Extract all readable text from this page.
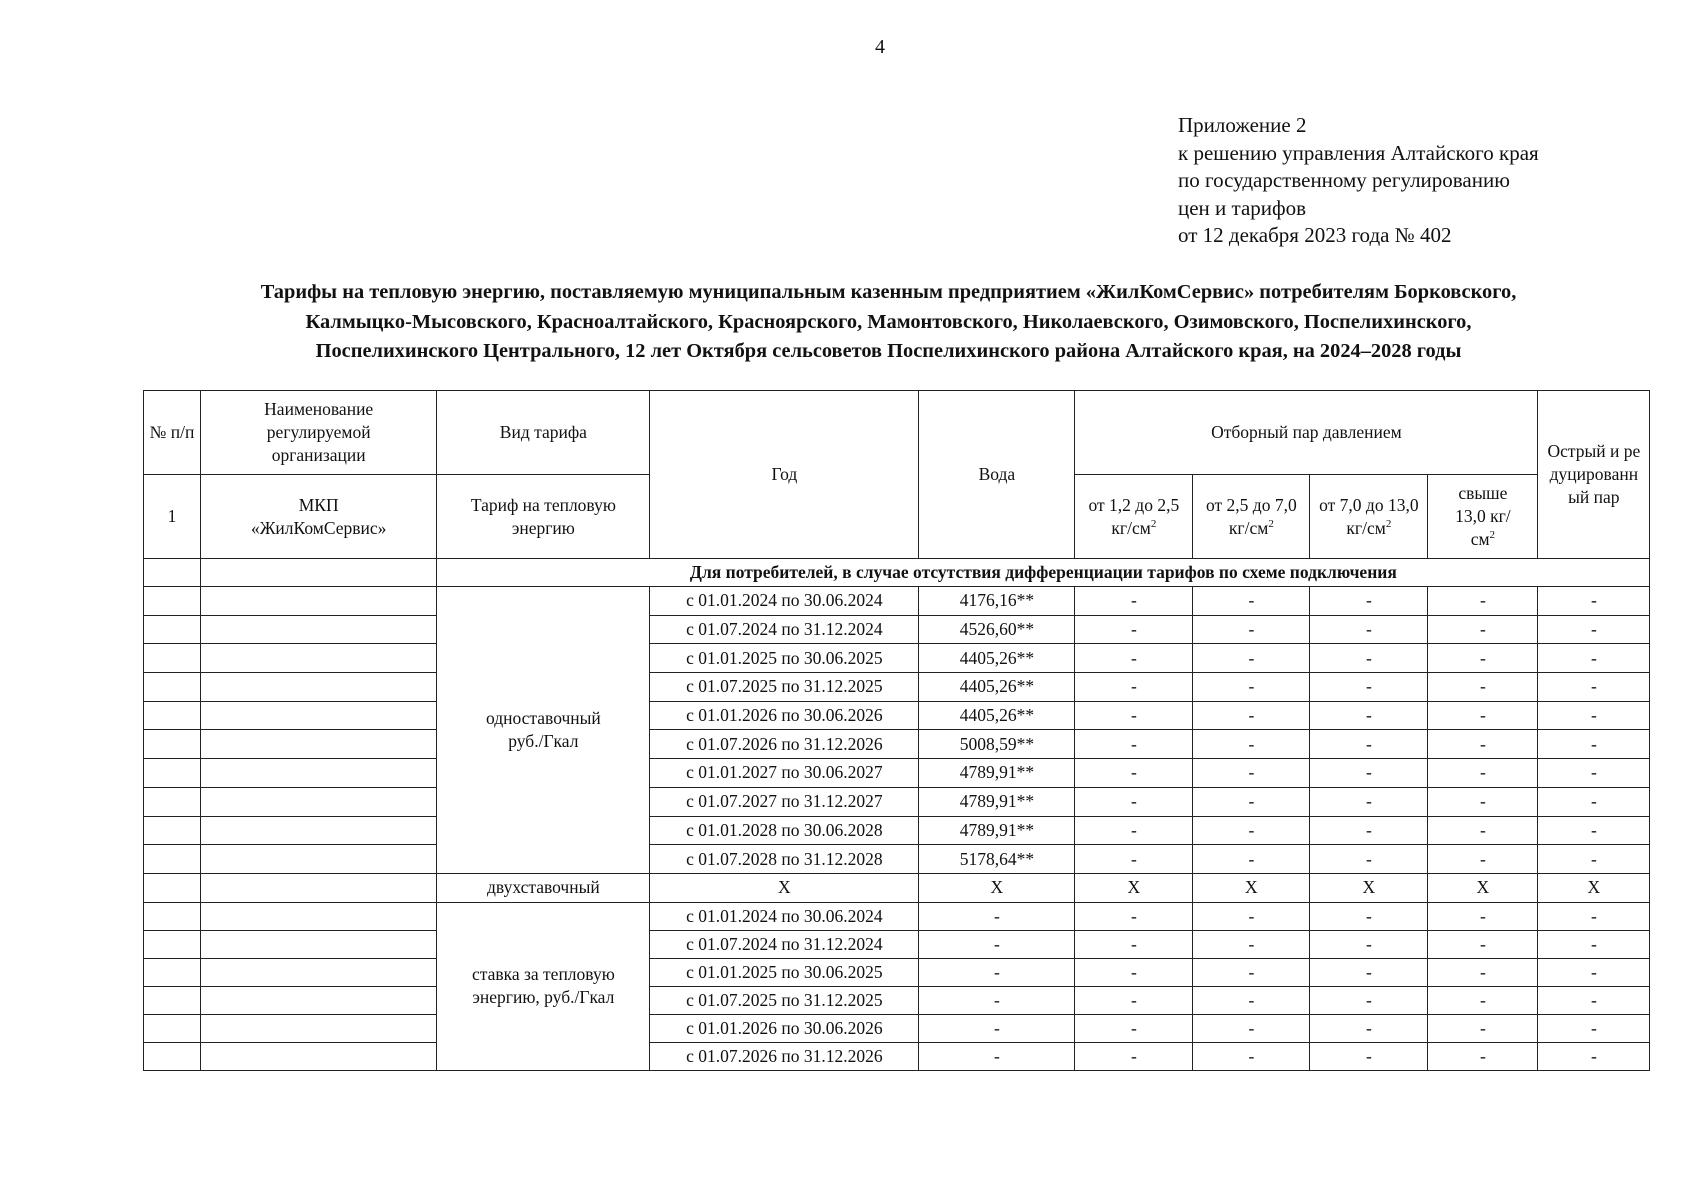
4
Приложение 2
к решению управления Алтайского края
по государственному регулированию
цен и тарифов
от 12 декабря 2023 года № 402
Тарифы на тепловую энергию, поставляемую муниципальным казенным предприятием «ЖилКомСервис» потребителям Борковского,
Калмыцко-Мысовского, Красноалтайского, Красноярского, Мамонтовского, Николаевского, Озимовского, Поспелихинского,
Поспелихинского Центрального, 12 лет Октября сельсоветов Поспелихинского района Алтайского края, на 2024–2028 годы
№ п/п	Наименование регулируемой организации	Вид тарифа	Год	Вода	Отборный пар давлением				Острый и редуцированный пар
1	МКП «ЖилКомСервис»	Тариф на тепловую энергию			от 1,2 до 2,5 $кг/см^2$	от 2,5 до 7,0 $кг/см^2$	от 7,0 до 13,0 $кг/см^2$	свыше 13,0 $кг/см^2$
		Для потребителей, в случае отсутствия дифференциации тарифов по схеме подключения							
		одноставочный руб./Гкал	с 01.01.2024 по 30.06.2024	4176,16**	-	-	-	-	-
			с 01.07.2024 по 31.12.2024	4526,60**	-	-	-	-	-
			с 01.01.2025 по 30.06.2025	4405,26**	-	-	-	-	-
			с 01.07.2025 по 31.12.2025	4405,26**	-	-	-	-	-
			с 01.01.2026 по 30.06.2026	4405,26**	-	-	-	-	-
			с 01.07.2026 по 31.12.2026	5008,59**	-	-	-	-	-
			с 01.01.2027 по 30.06.2027	4789,91**	-	-	-	-	-
			с 01.07.2027 по 31.12.2027	4789,91**	-	-	-	-	-
			с 01.01.2028 по 30.06.2028	4789,91**	-	-	-	-	-
			с 01.07.2028 по 31.12.2028	5178,64**	-	-	-	-	-
		двухставочный	X	X	X	X	X	X	X
		ставка за тепловую энергию, руб./Гкал	с 01.01.2024 по 30.06.2024	-	-	-	-	-	-
			с 01.07.2024 по 31.12.2024	-	-	-	-	-	-
			с 01.01.2025 по 30.06.2025	-	-	-	-	-	-
			с 01.07.2025 по 31.12.2025	-	-	-	-	-	-
			с 01.01.2026 по 30.06.2026	-	-	-	-	-	-
			с 01.07.2026 по 31.12.2026	-	-	-	-	-	-
